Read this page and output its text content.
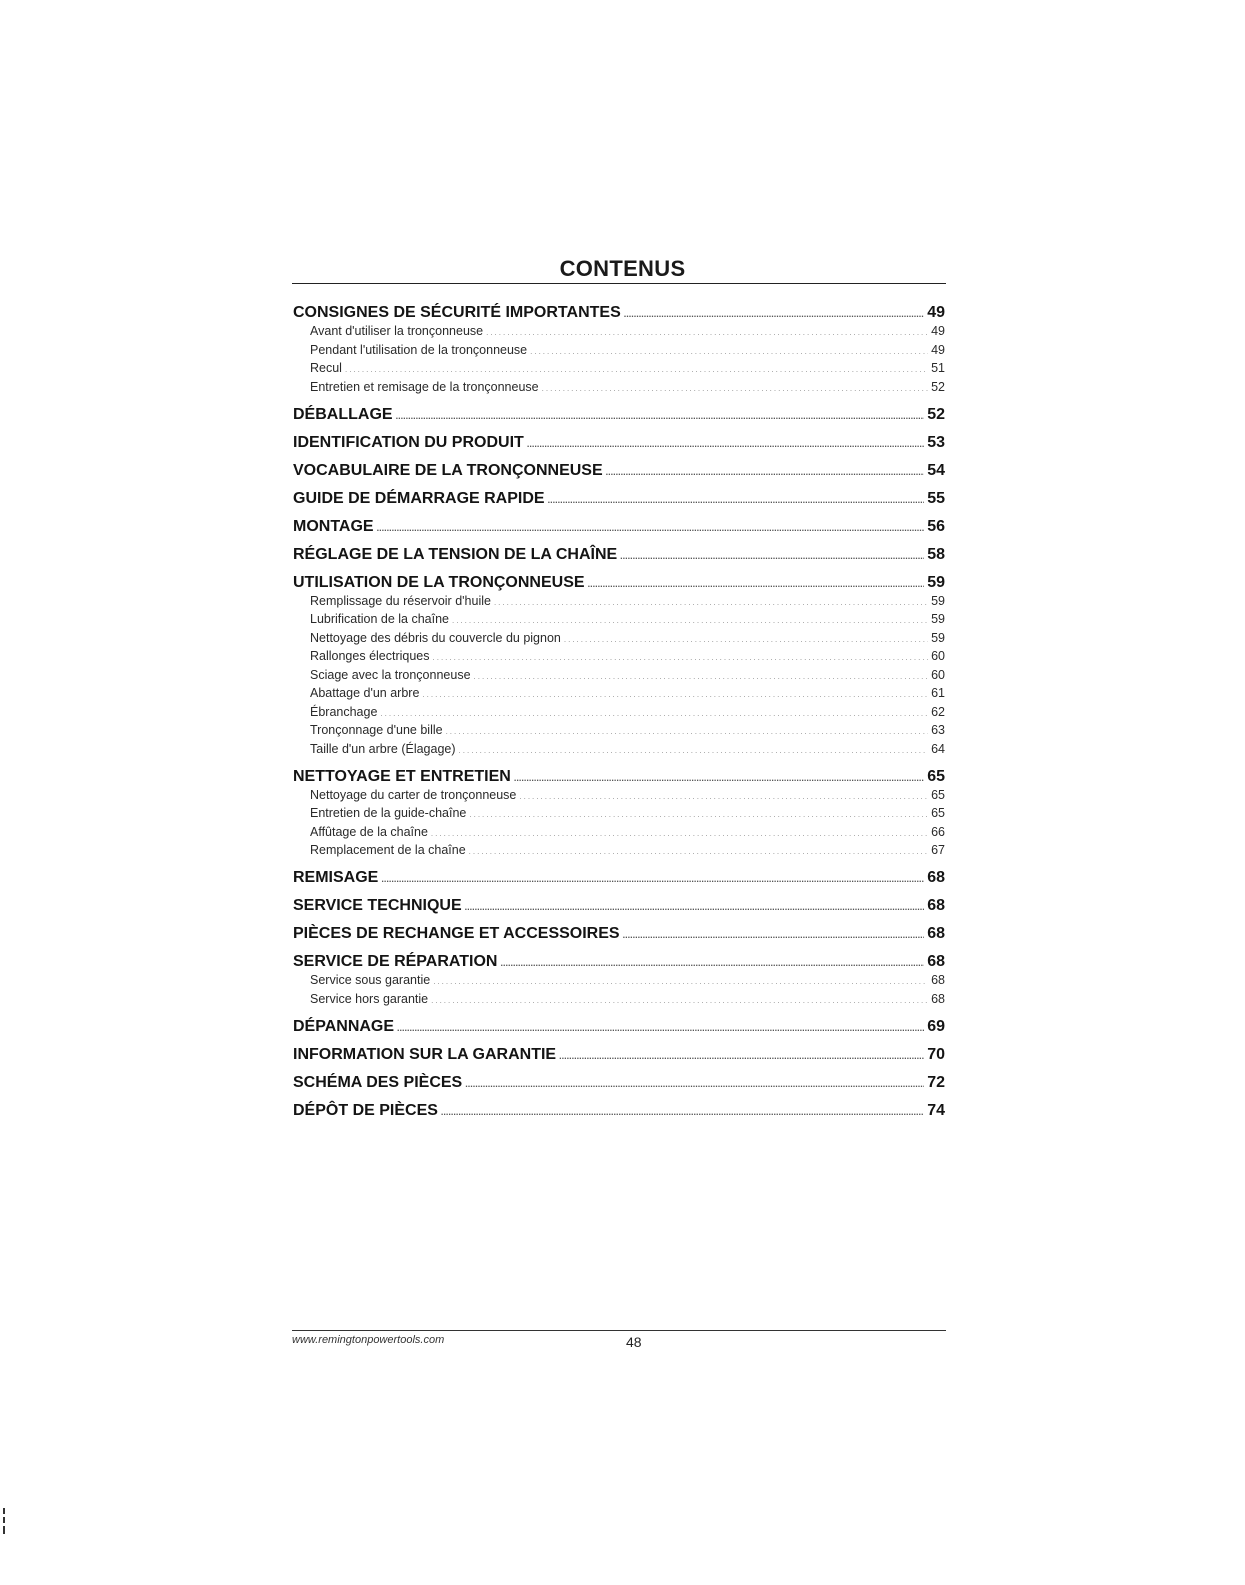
CONTENUS
CONSIGNES DE SÉCURITÉ IMPORTANTES .....	49
Avant d'utiliser la tronçonneuse .....	49
Pendant l'utilisation de la tronçonneuse .....	49
Recul .....	51
Entretien et remisage de la tronçonneuse .....	52
DÉBALLAGE .....	52
IDENTIFICATION DU PRODUIT .....	53
VOCABULAIRE DE LA TRONÇONNEUSE .....	54
GUIDE DE DÉMARRAGE RAPIDE .....	55
MONTAGE .....	56
RÉGLAGE DE LA TENSION DE LA CHAÎNE .....	58
UTILISATION DE LA TRONÇONNEUSE .....	59
Remplissage du réservoir d'huile .....	59
Lubrification de la chaîne .....	59
Nettoyage des débris du couvercle du pignon .....	59
Rallonges électriques .....	60
Sciage avec la tronçonneuse .....	60
Abattage d'un arbre .....	61
Ébranchage .....	62
Tronçonnage d'une bille .....	63
Taille d'un arbre (Élagage) .....	64
NETTOYAGE ET ENTRETIEN .....	65
Nettoyage du carter de tronçonneuse .....	65
Entretien de la guide-chaîne .....	65
Affûtage de la chaîne .....	66
Remplacement de la chaîne .....	67
REMISAGE .....	68
SERVICE TECHNIQUE .....	68
PIÈCES DE RECHANGE ET ACCESSOIRES .....	68
SERVICE DE RÉPARATION .....	68
Service sous garantie .....	68
Service hors garantie .....	68
DÉPANNAGE .....	69
INFORMATION SUR LA GARANTIE .....	70
SCHÉMA DES PIÈCES .....	72
DÉPÔT DE PIÈCES .....	74
www.remingtonpowertools.com	48
